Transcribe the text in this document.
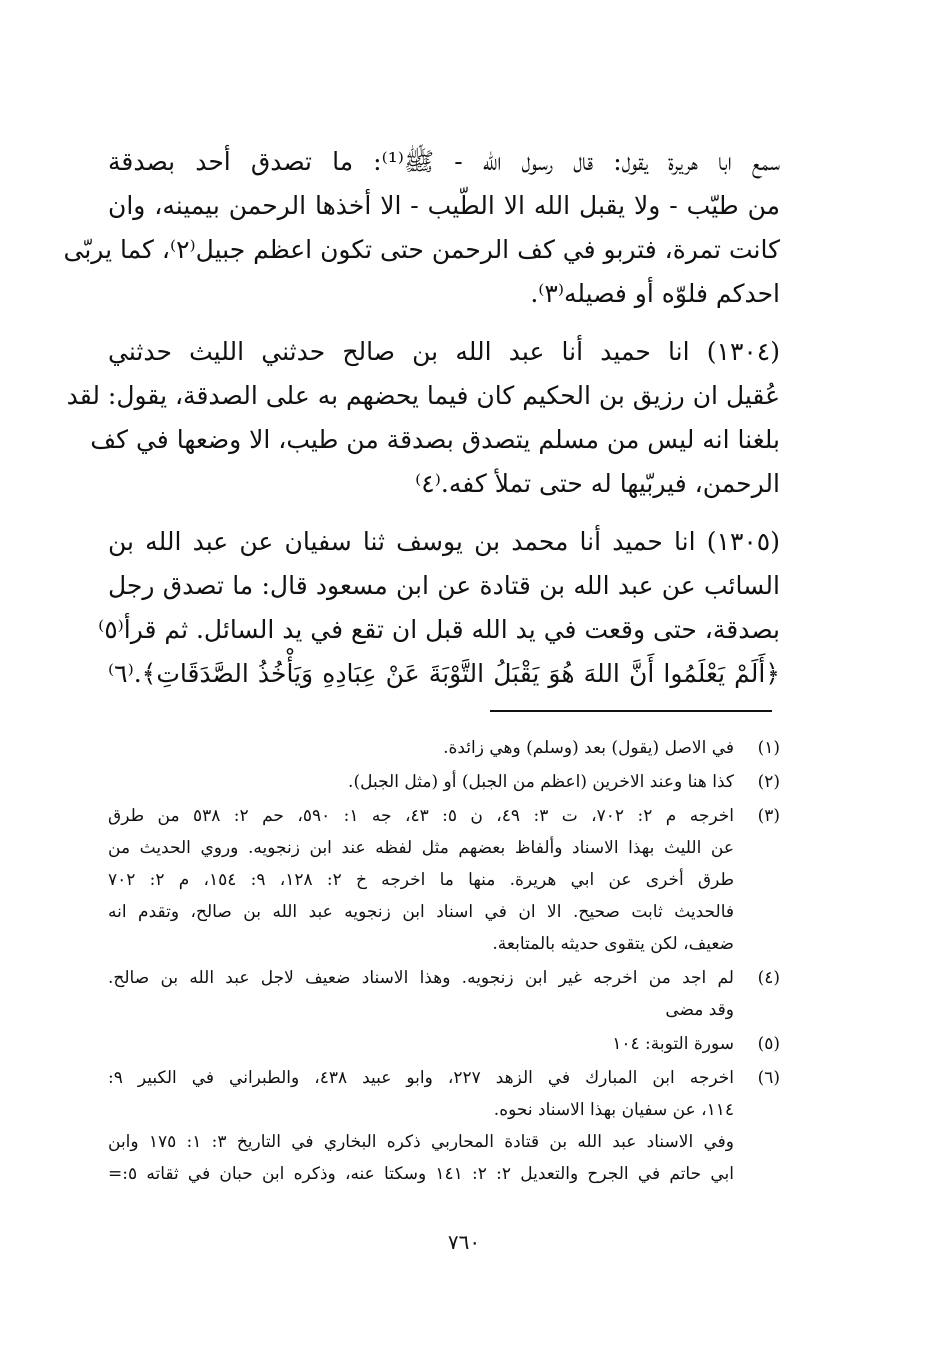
سمع ابا هريرة يقول: قال رسول الله - ﷺ⁽¹⁾: ما تصدق أحد بصدقة
من طيّب - ولا يقبل الله الا الطّيب - الا أخذها الرحمن بيمينه، وان
كانت تمرة، فتربو في كف الرحمن حتى تكون اعظم جبيل⁽٢⁾، كما يربّى
احدكم فلوّه أو فصيله⁽٣⁾.
(١٣٠٤) انا حميد أنا عبد الله بن صالح حدثني الليث حدثني
عُقيل ان رزيق بن الحكيم كان فيما يحضهم به على الصدقة، يقول: لقد
بلغنا انه ليس من مسلم يتصدق بصدقة من طيب، الا وضعها في كف
الرحمن، فيربّيها له حتى تملأ كفه.⁽٤⁾
(١٣٠٥) انا حميد أنا محمد بن يوسف ثنا سفيان عن عبد الله بن
السائب عن عبد الله بن قتادة عن ابن مسعود قال: ما تصدق رجل
بصدقة، حتى وقعت في يد الله قبل ان تقع في يد السائل. ثم قرأ⁽٥⁾
﴿أَلَمْ يَعْلَمُوا أَنَّ اللهَ هُوَ يَقْبَلُ التَّوْبَةَ عَنْ عِبَادِهِ وَيَأْخُذُ الصَّدَقَاتِ﴾.⁽٦⁾
(١)
في الاصل (يقول) بعد (وسلم) وهي زائدة.
(٢)
كذا هنا وعند الاخرين (اعظم من الجبل) أو (مثل الجبل).
(٣)
اخرجه م ٢: ٧٠٢، ت ٣: ٤٩، ن ٥: ٤٣، جه ١: ٥٩٠، حم ٢: ٥٣٨ من طرق
عن الليث بهذا الاسناد وألفاظ بعضهم مثل لفظه عند ابن زنجويه. وروي الحديث من
طرق أخرى عن ابي هريرة. منها ما اخرجه خ ٢: ١٢٨، ٩: ١٥٤، م ٢: ٧٠٢
فالحديث ثابت صحيح. الا ان في اسناد ابن زنجويه عبد الله بن صالح، وتقدم انه
ضعيف، لكن يتقوى حديثه بالمتابعة.
(٤)
لم اجد من اخرجه غير ابن زنجويه. وهذا الاسناد ضعيف لاجل عبد الله بن صالح.
وقد مضى
(٥)
سورة التوبة: ١٠٤
(٦)
اخرجه ابن المبارك في الزهد ٢٢٧، وابو عبيد ٤٣٨، والطبراني في الكبير ٩:
١١٤، عن سفيان بهذا الاسناد نحوه.
وفي الاسناد عبد الله بن قتادة المحاربي ذكره البخاري في التاريخ ٣: ١: ١٧٥ وابن
ابي حاتم في الجرح والتعديل ٢: ٢: ١٤١ وسكتا عنه، وذكره ابن حبان في ثقاته ٥:=
٧٦٠
